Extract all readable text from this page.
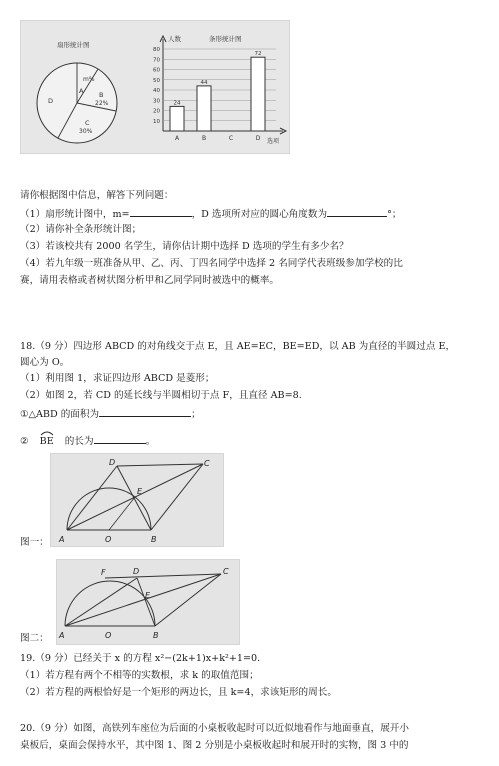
扇形统计图
A
m%
B
22%
C
30%
D
人数	条形统计图
选项
10
20
30
40
50
60
70
80
24
A
44
B	C
72
D
请你根据图中信息，解答下列问题：
（1）扇形统计图中，m=	，D 选项所对应的圆心角度数为	°；
（2）请你补全条形统计图；
（3）若该校共有 2000 名学生，请你估计期中选择 D 选项的学生有多少名？
（4）若九年级一班准备从甲、乙、丙、丁四名同学中选择 2 名同学代表班级参加学校的比
赛，请用表格或者树状图分析甲和乙同学同时被选中的概率。
18.（9 分）四边形 ABCD 的对角线交于点 E，且 AE=EC，BE=ED，以 AB 为直径的半圆过点 E，
圆心为 O。
（1）利用图 1，求证四边形 ABCD 是菱形；
（2）如图 2，若 CD 的延长线与半圆相切于点 F，且直径 AB=8.
①△ABD 的面积为	；
② BE 的长为	。
图一： A	O	B
D	C
E
图二：
F	D	C
E
A	O	B
19.（9 分）已经关于 x 的方程 x²−(2k+1)x+k²+1=0.
（1）若方程有两个不相等的实数根，求 k 的取值范围；
（2）若方程的两根恰好是一个矩形的两边长，且 k=4，求该矩形的周长。
20.（9 分）如图，高铁列车座位为后面的小桌板收起时可以近似地看作与地面垂直，展开小
桌板后，桌面会保持水平，其中图 1、图 2 分别是小桌板收起时和展开时的实物，图 3 中的
